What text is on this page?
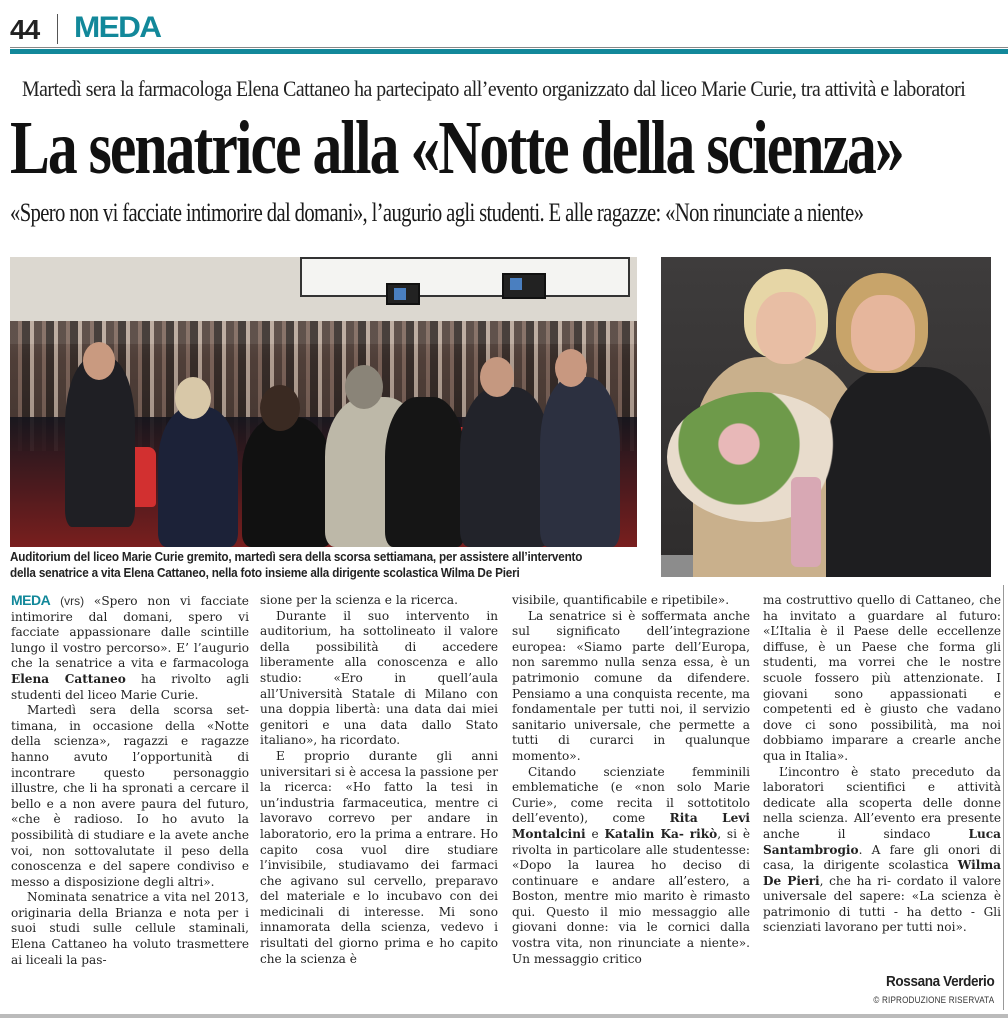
44 MEDA
Martedì sera la farmacologa Elena Cattaneo ha partecipato all’evento organizzato dal liceo Marie Curie, tra attività e laboratori
La senatrice alla «Notte della scienza»
«Spero non vi facciate intimorire dal domani», l’augurio agli studenti. E alle ragazze: «Non rinunciate a niente»
Auditorium del liceo Marie Curie gremito, martedì sera della scorsa settiamana, per assistere all’intervento della senatrice a vita Elena Cattaneo, nella foto insieme alla dirigente scolastica Wilma De Pieri

MEDA (vrs) «Spero non vi facciate intimorire dal domani, spero vi facciate appassionare dalle scintille lungo il vostro percorso». E’ l’augurio che la senatrice a vita e farmacologa Elena Cattaneo ha rivolto agli studenti del liceo Marie Curie.

Martedì sera della scorsa settimana, in occasione della «Notte della scienza», ragazzi e ragazze hanno avuto l’opportunità di incontrare questo personaggio illustre, che li ha spronati a cercare il bello e a non avere paura del futuro, «che è radioso. Io ho avuto la possibilità di studiare e la avete anche voi, non sottovalutate il peso della conoscenza e del sapere condiviso e messo a disposizione degli altri».

Nominata senatrice a vita nel 2013, originaria della Brianza e nota per i suoi studi sulle cellule staminali, Elena Cattaneo ha voluto trasmettere ai liceali la pas-

sione per la scienza e la ricerca.

Durante il suo intervento in auditorium, ha sottolineato il valore della possibilità di accedere liberamente alla conoscenza e allo studio: «Ero in quell’aula all’Università Statale di Milano con una doppia libertà: una data dai miei genitori e una data dallo Stato italiano», ha ricordato.

E proprio durante gli anni universitari si è accesa la passione per la ricerca: «Ho fatto la tesi in un’industria farmaceutica, mentre ci lavoravo correvo per andare in laboratorio, ero la prima a entrare. Ho capito cosa vuol dire studiare l’invisibile, studiavamo dei farmaci che agivano sul cervello, preparavo del materiale e lo incubavo con dei medicinali di interesse. Mi sono innamorata della scienza, vedevo i risultati del giorno prima e ho capito che la scienza è

visibile, quantificabile e ripetibile».

La senatrice si è soffermata anche sul significato dell’integrazione europea: «Siamo parte dell’Europa, non saremmo nulla senza essa, è un patrimonio comune da difendere. Pensiamo a una conquista recente, ma fondamentale per tutti noi, il servizio sanitario universale, che permette a tutti di curarci in qualunque momento».

Citando scienziate femminili emblematiche (e «non solo Marie Curie», come recita il sottotitolo dell’evento), come Rita Levi Montalcini e Katalin Ka- rikò, si è rivolta in particolare alle studentesse: «Dopo la laurea ho deciso di continuare e andare all’estero, a Boston, mentre mio marito è rimasto qui. Questo il mio messaggio alle giovani donne: via le cornici dalla vostra vita, non rinunciate a niente». Un messaggio critico

ma costruttivo quello di Cattaneo, che ha invitato a guardare al futuro: «L’Italia è il Paese delle eccellenze diffuse, è un Paese che forma gli studenti, ma vorrei che le nostre scuole fossero più attenzionate. I giovani sono appassionati e competenti ed è giusto che vadano dove ci sono possibilità, ma noi dobbiamo imparare a crearle anche qua in Italia».

L’incontro è stato preceduto da laboratori scientifici e attività dedicate alla scoperta delle donne nella scienza. All’evento era presente anche il sindaco	Luca Santambrogio. A fare gli onori di casa, la dirigente scolastica Wilma De Pieri, che ha ri- cordato il valore universale del sapere: «La scienza è patrimonio di tutti - ha detto - Gli scienziati lavorano per tutti noi».

Rossana Verderio
© RIPRODUZIONE RISERVATA
